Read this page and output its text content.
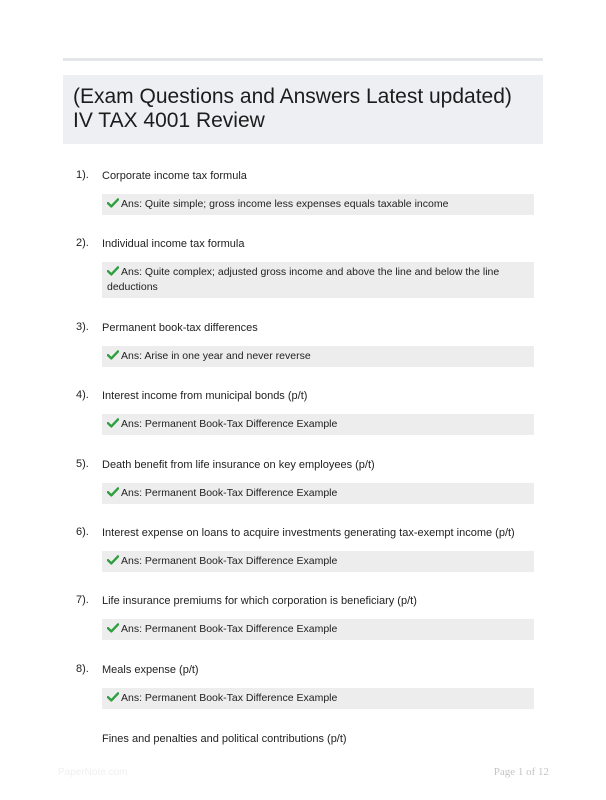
(Exam Questions and Answers Latest updated)
IV TAX 4001 Review
1). Corporate income tax formula
Ans: Quite simple; gross income less expenses equals taxable income
2). Individual income tax formula
Ans: Quite complex; adjusted gross income and above the line and below the line deductions
3). Permanent book-tax differences
Ans: Arise in one year and never reverse
4). Interest income from municipal bonds (p/t)
Ans: Permanent Book-Tax Difference Example
5). Death benefit from life insurance on key employees (p/t)
Ans: Permanent Book-Tax Difference Example
6). Interest expense on loans to acquire investments generating tax-exempt income (p/t)
Ans: Permanent Book-Tax Difference Example
7). Life insurance premiums for which corporation is beneficiary (p/t)
Ans: Permanent Book-Tax Difference Example
8). Meals expense (p/t)
Ans: Permanent Book-Tax Difference Example
Fines and penalties and political contributions (p/t)
PaperNote.com	Page 1 of 12
